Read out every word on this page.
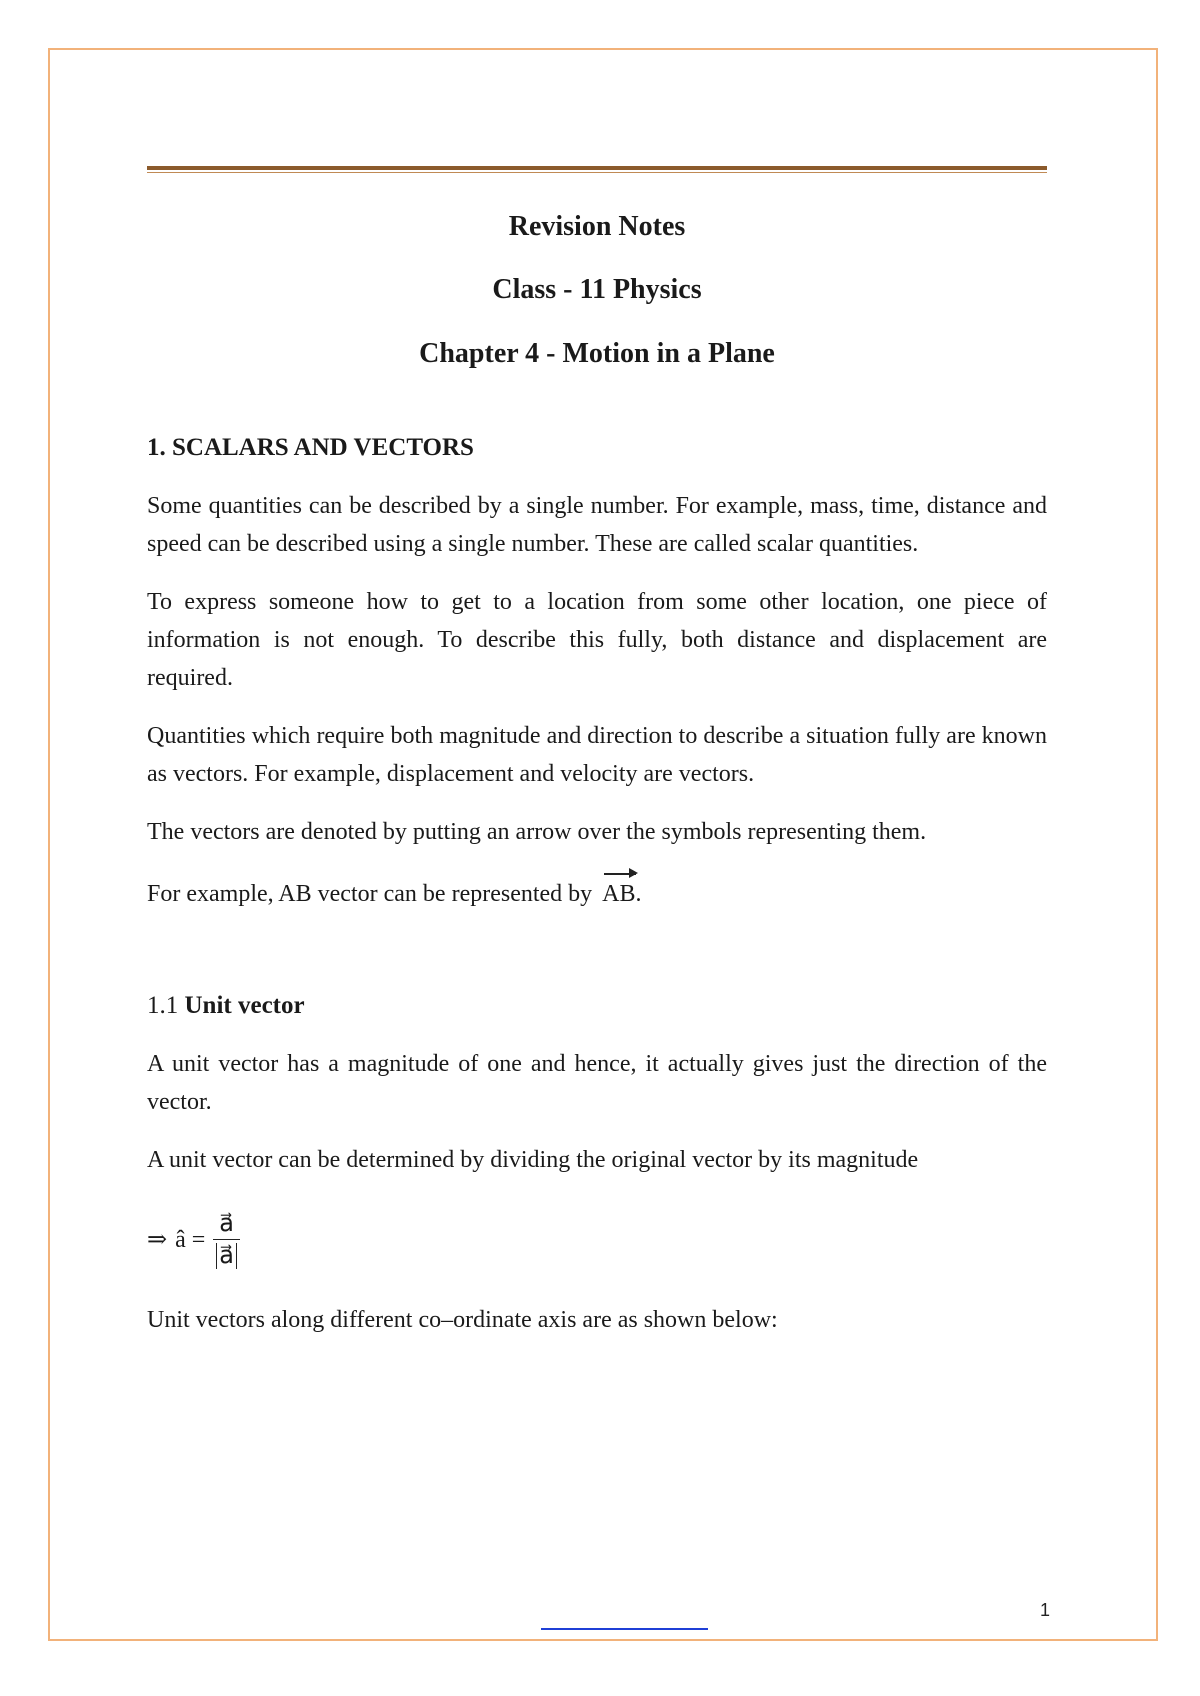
Revision Notes
Class - 11 Physics
Chapter 4 - Motion in a Plane
1. SCALARS AND VECTORS

Some quantities can be described by a single number. For example, mass, time, distance and speed can be described using a single number. These are called scalar quantities.

To express someone how to get to a location from some other location, one piece of information is not enough. To describe this fully, both distance and displacement are required.

Quantities which require both magnitude and direction to describe a situation fully are known as vectors. For example, displacement and velocity are vectors.

The vectors are denoted by putting an arrow over the symbols representing them.

For example, AB vector can be represented by AB.

1.1 Unit vector

A unit vector has a magnitude of one and hence, it actually gives just the direction of the vector.

A unit vector can be determined by dividing the original vector by its magnitude

⇒ â = $\frac{a⃗}{a⃗}$

Unit vectors along different co–ordinate axis are as shown below:

1
